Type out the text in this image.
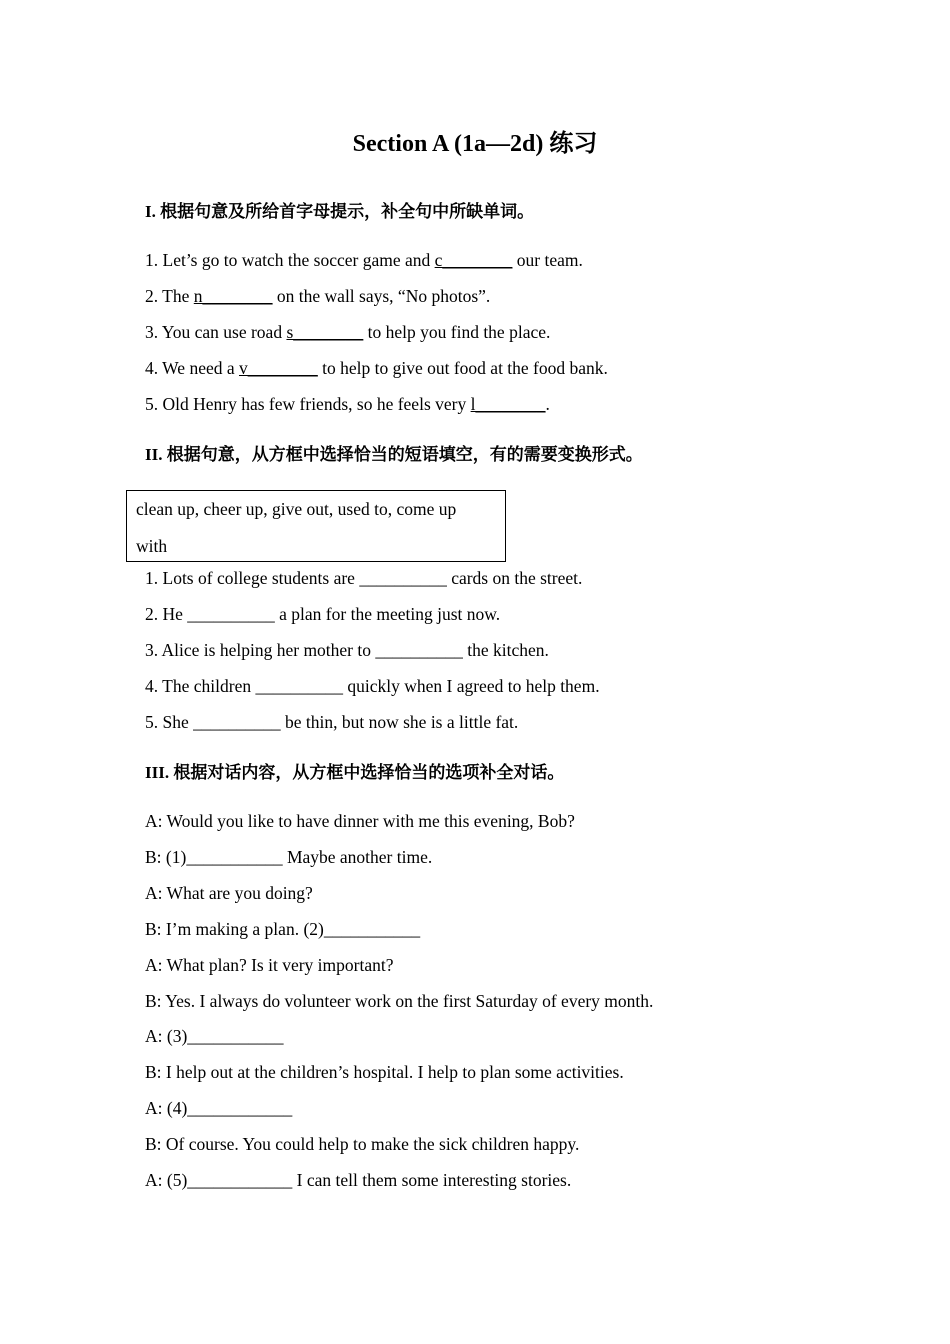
Section A (1a—2d) 练习
I. 根据句意及所给首字母提示，补全句中所缺单词。
1. Let’s go to watch the soccer game and c________ our team.
2. The n________ on the wall says, “No photos”.
3. You can use road s________ to help you find the place.
4. We need a v________ to help to give out food at the food bank.
5. Old Henry has few friends, so he feels very l________.
II. 根据句意，从方框中选择恰当的短语填空，有的需要变换形式。
clean up, cheer up, give out, used to, come up
with
1. Lots of college students are __________ cards on the street.
2. He __________ a plan for the meeting just now.
3. Alice is helping her mother to __________ the kitchen.
4. The children __________ quickly when I agreed to help them.
5. She __________ be thin, but now she is a little fat.
III. 根据对话内容，从方框中选择恰当的选项补全对话。
A: Would you like to have dinner with me this evening, Bob?
B: (1)___________ Maybe another time.
A: What are you doing?
B: I’m making a plan. (2)___________
A: What plan? Is it very important?
B: Yes. I always do volunteer work on the first Saturday of every month.
A: (3)___________
B: I help out at the children’s hospital. I help to plan some activities.
A: (4)____________
B: Of course. You could help to make the sick children happy.
A: (5)____________ I can tell them some interesting stories.
